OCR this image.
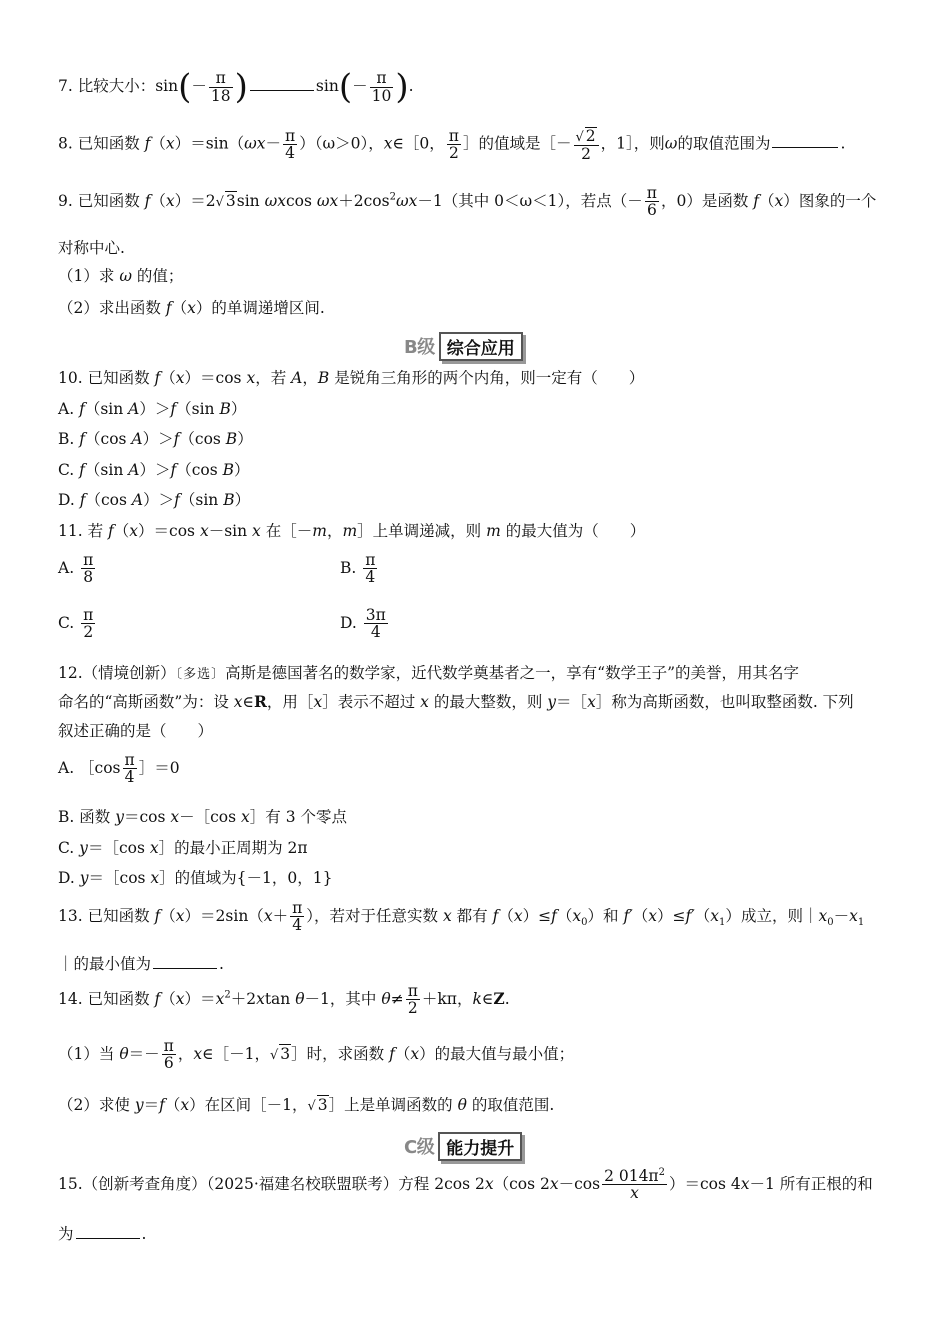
7. 比较大小：$\sin(- \frac{\pi}{18}$ )	$\sin(- \frac{\pi}{10}$ ).
8. 已知函数 $f(x)=\sin(\omega x- \frac{\pi}{4} )(\omega>0)$，x∈［0， $\frac{\pi}{2}$ ］的值域是［－ $\frac{√ 2}{2}$ ，1］，则ω的取值范围为	.
9. 已知函数 f（x）＝2√ 3sin ωxcos $\omega x+2\cos^2\omega x-1$（其中 0＜ω＜1），若点（－ $\frac{\pi}{6}$ ，0）是函数 f（x）图象的一个
对称中心.
（1）求 ω 的值；
（2）求出函数 f（x）的单调递增区间.
B级 综合应用
10. 已知函数 f（x）＝cos x，若 A，B 是锐角三角形的两个内角，则一定有（　　）
A. f（sin A）＞f（sin B）
B. f（cos A）＞f（cos B）
C. f（sin A）＞f（cos B）
D. f（cos A）＞f（sin B）
11. 若 f（x）＝cos x－sin x 在［－m，m］上单调递减，则 m 的最大值为（　　）
A. $\frac{\pi}{8}$	B. $\frac{\pi}{4}$
C. $\frac{\pi}{2}$	D. $\frac{3\pi}{4}$
12.（情境创新）〔多选〕高斯是德国著名的数学家，近代数学奠基者之一，享有“数学王子”的美誉，用其名字
命名的“高斯函数”为：设 x∈R，用［x］表示不超过 x 的最大整数，则 y＝［x］称为高斯函数，也叫取整函数. 下列
叙述正确的是（　　）
A. ［cos $\frac{\pi}{4}$ ］＝0
B. 函数 y＝cos x－［cos x］有 3 个零点
C. y＝［cos x］的最小正周期为 2π
D. y＝［cos x］的值域为{－1，0，1}
13. 已知函数 $f(x)=2\sin(x+ \frac{\pi}{4}$ ），若对于任意实数 x 都有 $f(x)\le f(x_0)$和 $f'(x)\le f'(x_1)$成立，则$|x_0-x_1$
｜的最小值为	.
14. 已知函数 $f(x)=x^2+2xtan$ θ－1，其中 $\theta\ne \frac{\pi}{2} +k\pi$，k∈Z.
（1）当 $\theta=- \frac{\pi}{6}$ ，x∈［－1，√ 3］时，求函数 f（x）的最大值与最小值；
（2）求使 y＝f（x）在区间［－1，√ 3］上是单调函数的 θ 的取值范围.
C级 能力提升
15.（创新考查角度）（2025·福建名校联盟联考）方程 2cos 2x（cos $2x-\cos \frac{2 014\pi^2}{x} )=\cos$ 4x－1 所有正根的和
为	.
